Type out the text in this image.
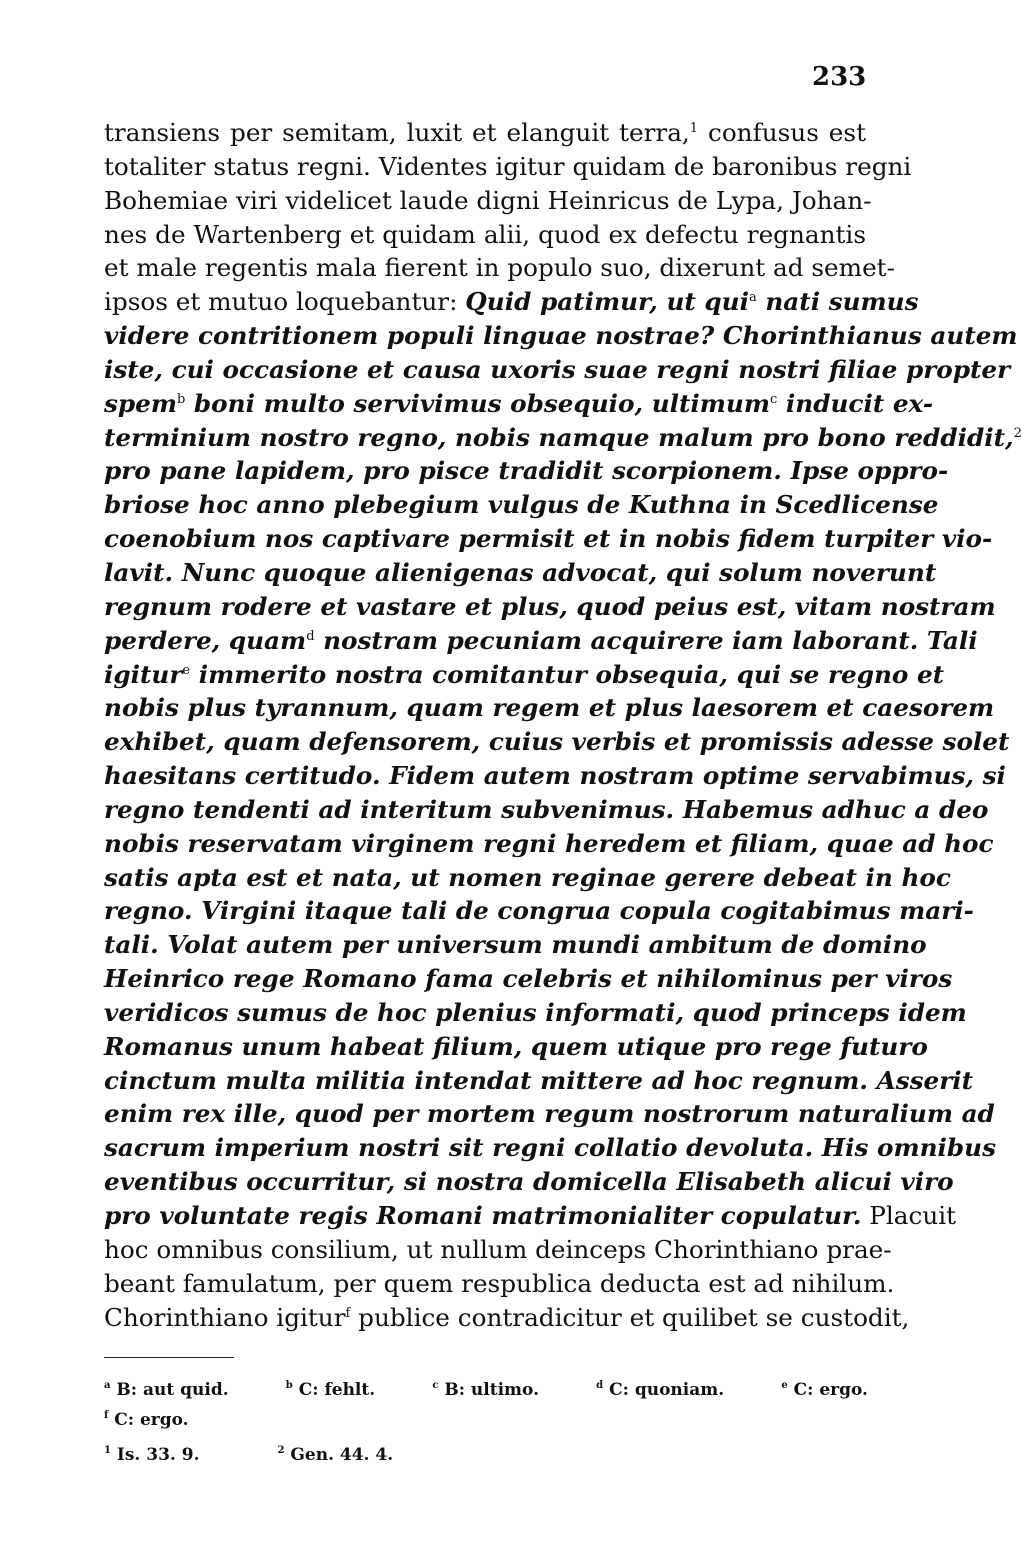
233
transiens per semitam, luxit et elanguit terra,$^1$ confusus est
totaliter status regni. Videntes igitur quidam de baronibus regni
Bohemiae viri videlicet laude digni Heinricus de Lypa, Johan-
nes de Wartenberg et quidam alii, quod ex defectu regnantis
et male regentis mala fierent in populo suo, dixerunt ad semet-
ipsos et mutuo loquebantur: Quid patimur, ut qui$^a$ nati sumus
videre contritionem populi linguae nostrae? Chorinthianus autem
iste, cui occasione et causa uxoris suae regni nostri filiae propter
spem$^b$ boni multo servivimus obsequio, ultimum$^c$ inducit ex-
terminium nostro regno, nobis namque malum pro bono reddidit,$^2$
pro pane lapidem, pro pisce tradidit scorpionem. Ipse oppro-
briose hoc anno plebegium vulgus de Kuthna in Scedlicense
coenobium nos captivare permisit et in nobis fidem turpiter vio-
lavit. Nunc quoque alienigenas advocat, qui solum noverunt
regnum rodere et vastare et plus, quod peius est, vitam nostram
perdere, quam$^d$ nostram pecuniam acquirere iam laborant. Tali
igitur$^e$ immerito nostra comitantur obsequia, qui se regno et
nobis plus tyrannum, quam regem et plus laesorem et caesorem
exhibet, quam defensorem, cuius verbis et promissis adesse solet
haesitans certitudo. Fidem autem nostram optime servabimus, si
regno tendenti ad interitum subvenimus. Habemus adhuc a deo
nobis reservatam virginem regni heredem et filiam, quae ad hoc
satis apta est et nata, ut nomen reginae gerere debeat in hoc
regno. Virgini itaque tali de congrua copula cogitabimus mari-
tali. Volat autem per universum mundi ambitum de domino
Heinrico rege Romano fama celebris et nihilominus per viros
veridicos sumus de hoc plenius informati, quod princeps idem
Romanus unum habeat filium, quem utique pro rege futuro
cinctum multa militia intendat mittere ad hoc regnum. Asserit
enim rex ille, quod per mortem regum nostrorum naturalium ad
sacrum imperium nostri sit regni collatio devoluta. His omnibus
eventibus occurritur, si nostra domicella Elisabeth alicui viro
pro voluntate regis Romani matrimonialiter copulatur. Placuit
hoc omnibus consilium, ut nullum deinceps Chorinthiano prae-
beant famulatum, per quem respublica deducta est ad nihilum.
Chorinthiano igitur$^f$ publice contradicitur et quilibet se custodit,
$^a$ B: aut quid.	$^b$ C: fehlt.	$^c$ B: ultimo.	$^d$ C: quoniam.	$^e$ C: ergo.
$^f$ C: ergo.
$^1$ Is. 33. 9.	$^2$ Gen. 44. 4.
